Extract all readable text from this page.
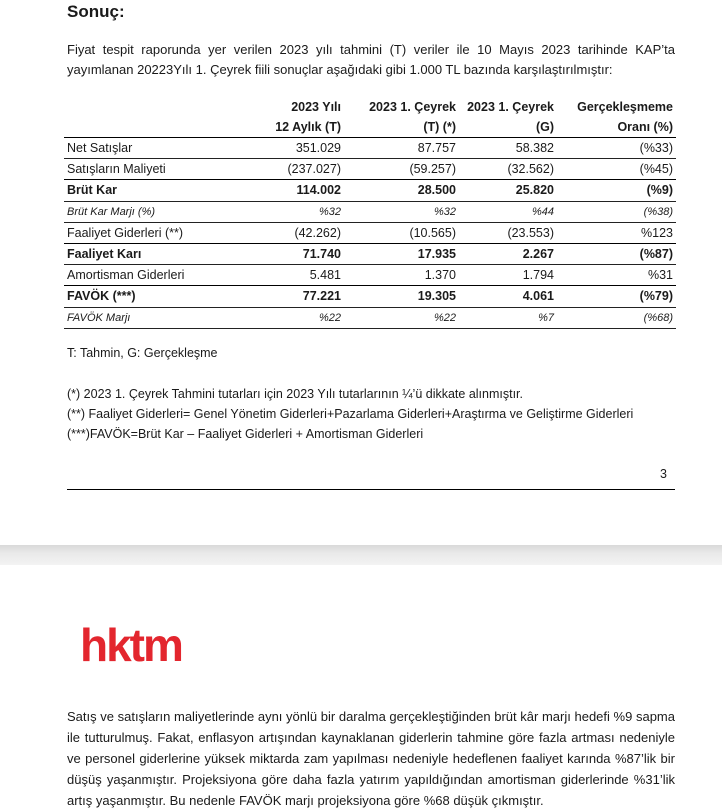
Sonuç:

Fiyat tespit raporunda yer verilen 2023 yılı tahmini (T) veriler ile 10 Mayıs 2023 tarihinde KAP’ta yayımlanan 20223Yılı 1. Çeyrek fiili sonuçlar aşağıdaki gibi 1.000 TL bazında karşılaştırılmıştır:

	2023 Yılı	2023 1. Çeyrek	2023 1. Çeyrek	Gerçekleşmeme
	12 Aylık (T)	(T) (*)	(G)	Oranı (%)
Net Satışlar	351.029	87.757	58.382	(%33)
Satışların Maliyeti	(237.027)	(59.257)	(32.562)	(%45)
Brüt Kar	114.002	28.500	25.820	(%9)
Brüt Kar Marjı (%)	%32	%32	%44	(%38)
Faaliyet Giderleri (**)	(42.262)	(10.565)	(23.553)	%123
Faaliyet Karı	71.740	17.935	2.267	(%87)
Amortisman Giderleri	5.481	1.370	1.794	%31
FAVÖK (***)	77.221	19.305	4.061	(%79)
FAVÖK Marjı	%22	%22	%7	(%68)

T: Tahmin, G: Gerçekleşme

(*) 2023 1. Çeyrek Tahmini tutarları için 2023 Yılı tutarlarının ¼’ü dikkate alınmıştır.
(**) Faaliyet Giderleri= Genel Yönetim Giderleri+Pazarlama Giderleri+Araştırma ve Geliştirme Giderleri
(***)FAVÖK=Brüt Kar – Faaliyet Giderleri + Amortisman Giderleri

3

hktm

Satış ve satışların maliyetlerinde aynı yönlü bir daralma gerçekleştiğinden brüt kâr marjı hedefi %9 sapma ile tutturulmuş. Fakat, enflasyon artışından kaynaklanan giderlerin tahmine göre fazla artması nedeniyle ve personel giderlerine yüksek miktarda zam yapılması nedeniyle hedeflenen faaliyet karında %87’lik bir düşüş yaşanmıştır. Projeksiyona göre daha fazla yatırım yapıldığından amortisman giderlerinde %31’lik artış yaşanmıştır. Bu nedenle FAVÖK marjı projeksiyona göre %68 düşük çıkmıştır.
